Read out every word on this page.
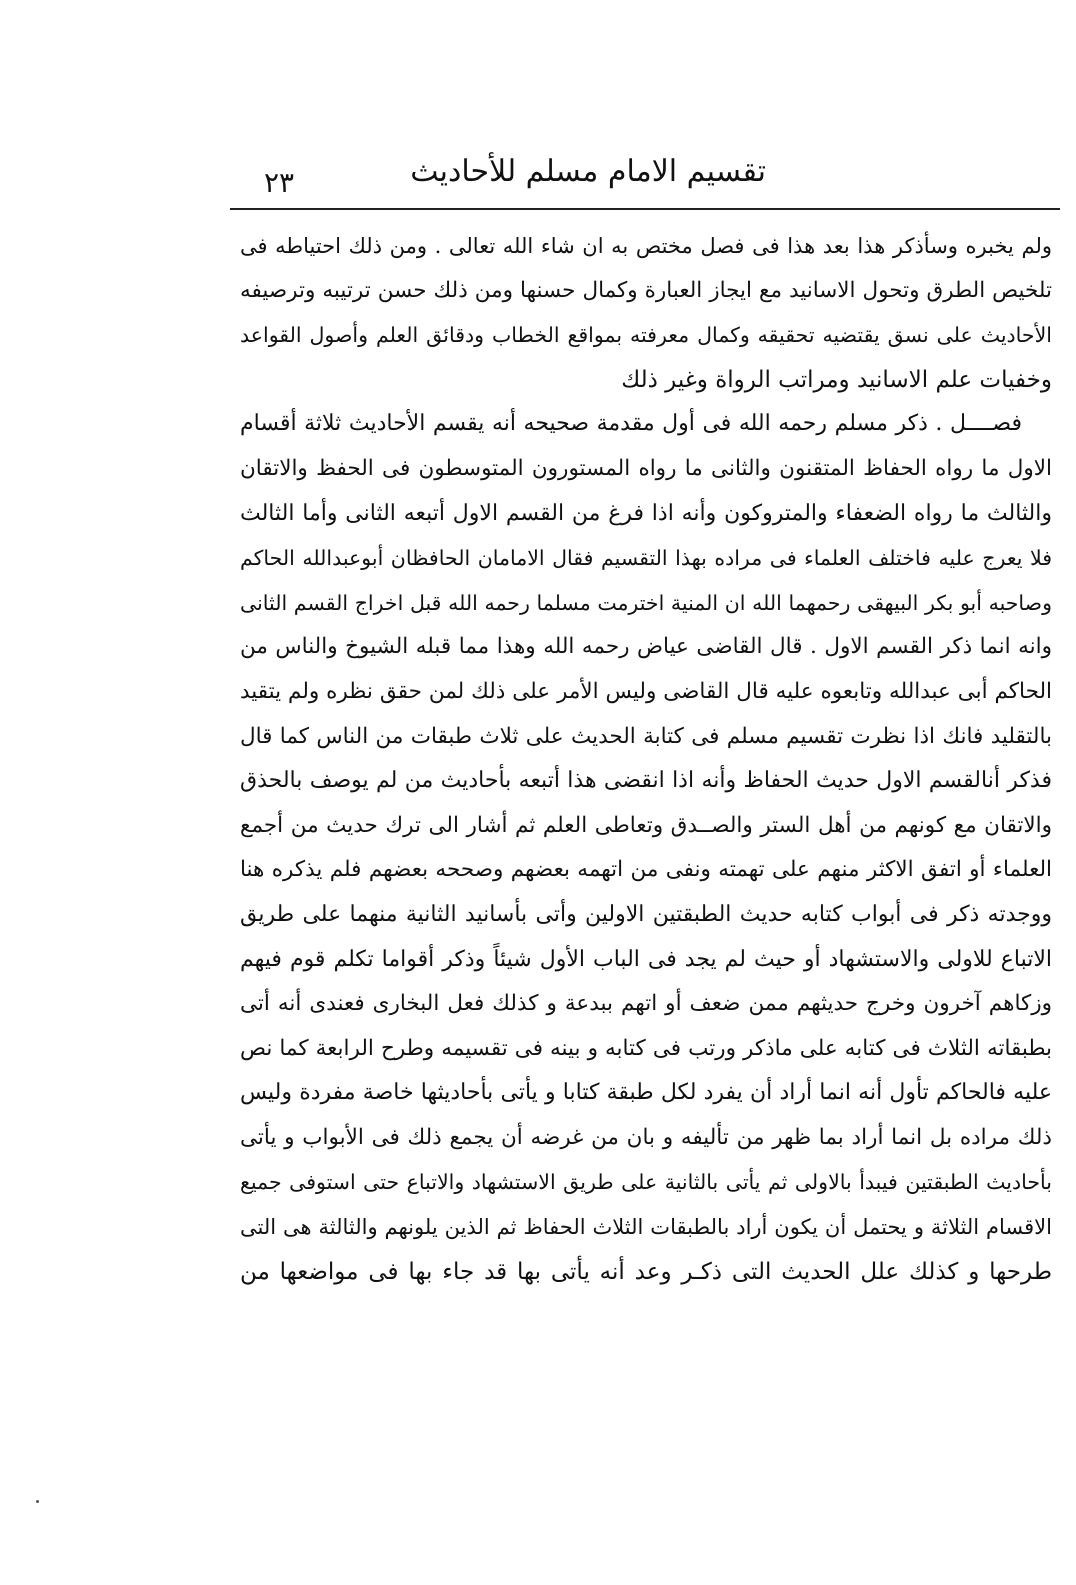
تقسيم الامام مسلم للأحاديث
٢٣
ولم يخبره وسأذكر هذا بعد هذا فى فصل مختص به ان شاء الله تعالى . ومن ذلك احتياطه فى
تلخيص الطرق وتحول الاسانيد مع ايجاز العبارة وكمال حسنها ومن ذلك حسن ترتيبه وترصيفه
الأحاديث على نسق يقتضيه تحقيقه وكمال معرفته بمواقع الخطاب ودقائق العلم وأصول القواعد
وخفيات علم الاسانيد ومراتب الرواة وغير ذلك
فصــــل . ذكر مسلم رحمه الله فى أول مقدمة صحيحه أنه يقسم الأحاديث ثلاثة أقسام
الاول ما رواه الحفاظ المتقنون والثانى ما رواه المستورون المتوسطون فى الحفظ والاتقان
والثالث ما رواه الضعفاء والمتروكون وأنه اذا فرغ من القسم الاول أتبعه الثانى وأما الثالث
فلا يعرج عليه فاختلف العلماء فى مراده بهذا التقسيم فقال الامامان الحافظان أبوعبدالله الحاكم
وصاحبه أبو بكر البيهقى رحمهما الله ان المنية اخترمت مسلما رحمه الله قبل اخراج القسم الثانى
وانه انما ذكر القسم الاول . قال القاضى عياض رحمه الله وهذا مما قبله الشيوخ والناس من
الحاكم أبى عبدالله وتابعوه عليه قال القاضى وليس الأمر على ذلك لمن حقق نظره ولم يتقيد
بالتقليد فانك اذا نظرت تقسيم مسلم فى كتابة الحديث على ثلاث طبقات من الناس كما قال
فذكر أنالقسم الاول حديث الحفاظ وأنه اذا انقضى هذا أتبعه بأحاديث من لم يوصف بالحذق
والاتقان مع كونهم من أهل الستر والصــدق وتعاطى العلم ثم أشار الى ترك حديث من أجمع
العلماء أو اتفق الاكثر منهم على تهمته ونفى من اتهمه بعضهم وصححه بعضهم فلم يذكره هنا
ووجدته ذكر فى أبواب كتابه حديث الطبقتين الاولين وأتى بأسانيد الثانية منهما على طريق
الاتباع للاولى والاستشهاد أو حيث لم يجد فى الباب الأول شيئاً وذكر أقواما تكلم قوم فيهم
وزكاهم آخرون وخرج حديثهم ممن ضعف أو اتهم ببدعة و كذلك فعل البخارى فعندى أنه أتى
بطبقاته الثلاث فى كتابه على ماذكر ورتب فى كتابه و بينه فى تقسيمه وطرح الرابعة كما نص
عليه فالحاكم تأول أنه انما أراد أن يفرد لكل طبقة كتابا و يأتى بأحاديثها خاصة مفردة وليس
ذلك مراده بل انما أراد بما ظهر من تأليفه و بان من غرضه أن يجمع ذلك فى الأبواب و يأتى
بأحاديث الطبقتين فيبدأ بالاولى ثم يأتى بالثانية على طريق الاستشهاد والاتباع حتى استوفى جميع
الاقسام الثلاثة و يحتمل أن يكون أراد بالطبقات الثلاث الحفاظ ثم الذين يلونهم والثالثة هى التى
طرحها و كذلك علل الحديث التى ذكـر وعد أنه يأتى بها قد جاء بها فى مواضعها من
